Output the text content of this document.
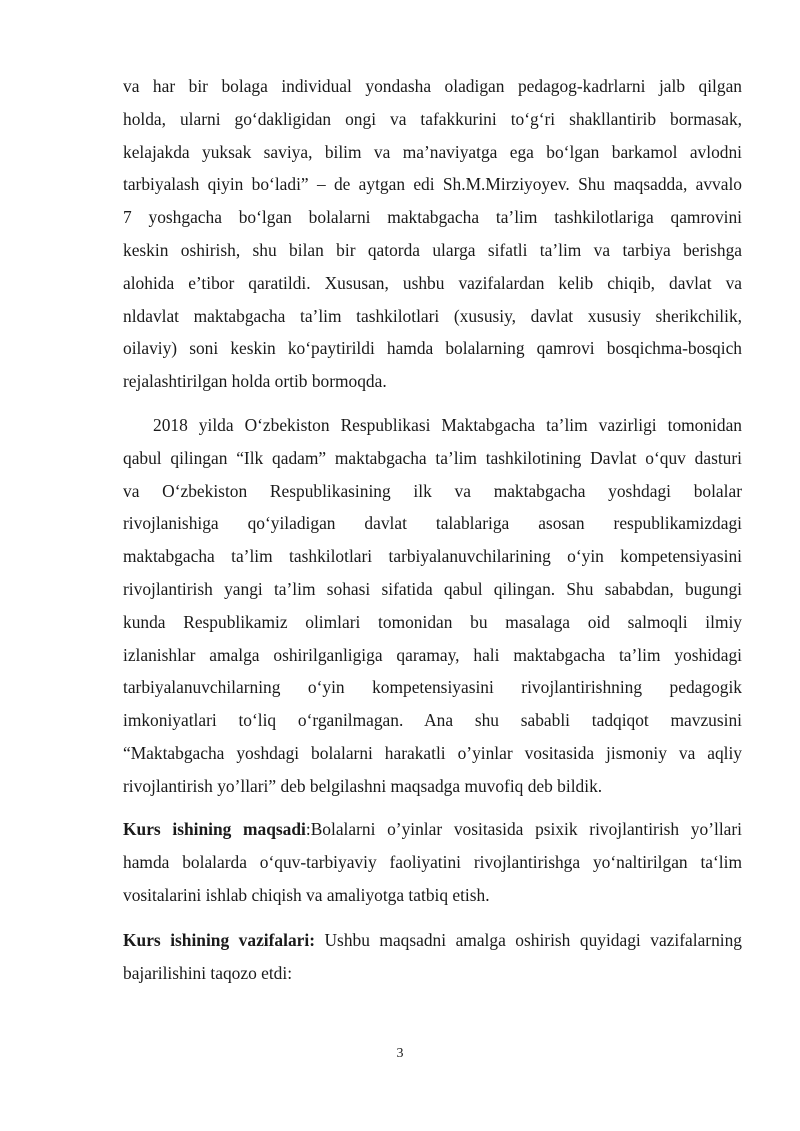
va har bir bolaga individual yondasha oladigan pedagog-kadrlarni jalb qilgan
holda, ularni go‘dakligidan ongi va tafakkurini to‘g‘ri shakllantirib bormasak,
kelajakda yuksak saviya, bilim va ma’naviyatga ega bo‘lgan barkamol avlodni
tarbiyalash qiyin bo‘ladi” – de aytgan edi Sh.M.Mirziyoyev. Shu maqsadda, avvalo
7 yoshgacha bo‘lgan bolalarni maktabgacha ta’lim tashkilotlariga qamrovini
keskin oshirish, shu bilan bir qatorda ularga sifatli ta’lim va tarbiya berishga
alohida e’tibor qaratildi. Xususan, ushbu vazifalardan kelib chiqib, davlat va
nldavlat maktabgacha ta’lim tashkilotlari (xususiy, davlat xususiy sherikchilik,
oilaviy) soni keskin ko‘paytirildi hamda bolalarning qamrovi bosqichma-bosqich
rejalashtirilgan holda ortib bormoqda.
2018 yilda O‘zbekiston Respublikasi Maktabgacha ta’lim vazirligi tomonidan
qabul qilingan “Ilk qadam” maktabgacha ta’lim tashkilotining Davlat o‘quv dasturi
va O‘zbekiston Respublikasining ilk va maktabgacha yoshdagi bolalar
rivojlanishiga qo‘yiladigan davlat talablariga asosan respublikamizdagi
maktabgacha ta’lim tashkilotlari tarbiyalanuvchilarining o‘yin kompetensiyasini
rivojlantirish yangi ta’lim sohasi sifatida qabul qilingan. Shu sababdan, bugungi
kunda Respublikamiz olimlari tomonidan bu masalaga oid salmoqli ilmiy
izlanishlar amalga oshirilganligiga qaramay, hali maktabgacha ta’lim yoshidagi
tarbiyalanuvchilarning o‘yin kompetensiyasini rivojlantirishning pedagogik
imkoniyatlari to‘liq o‘rganilmagan. Ana shu sababli tadqiqot mavzusini
“Maktabgacha yoshdagi bolalarni harakatli o’yinlar vositasida jismoniy va aqliy
rivojlantirish yo’llari” deb belgilashni maqsadga muvofiq deb bildik.
Kurs ishining maqsadi:Bolalarni o’yinlar vositasida psixik rivojlantirish yo’llari
hamda bolalarda o‘quv-tarbiyaviy faoliyatini rivojlantirishga yo‘naltirilgan ta‘lim
vositalarini ishlab chiqish va amaliyotga tatbiq etish.
Kurs ishining vazifalari: Ushbu maqsadni amalga oshirish quyidagi vazifalarning
bajarilishini taqozo etdi:
3
